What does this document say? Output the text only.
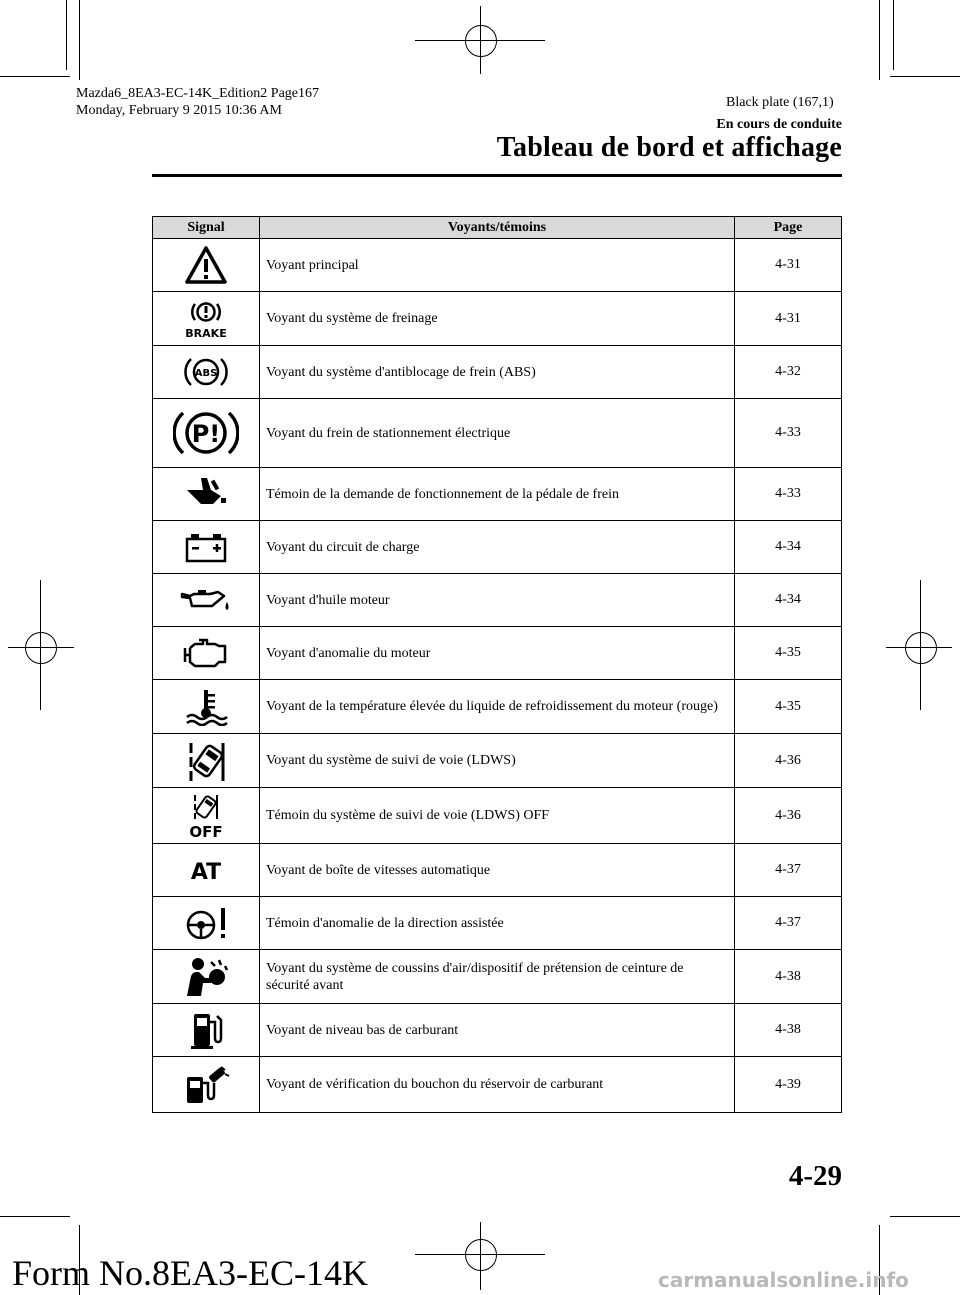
Mazda6_8EA3-EC-14K_Edition2 Page167
Monday, February 9 2015 10:36 AM
Black plate (167,1)
En cours de conduite
Tableau de bord et affichage
Signal	Voyants/témoins	Page

	Voyant principal	4-31

BRAKE	Voyant du système de freinage	4-31

ABS	Voyant du système d'antiblocage de frein (ABS)	4-32

P!	Voyant du frein de stationnement électrique	4-33

	Témoin de la demande de fonctionnement de la pédale de frein	4-33

	Voyant du circuit de charge	4-34

	Voyant d'huile moteur	4-34

	Voyant d'anomalie du moteur	4-35

	Voyant de la température élevée du liquide de refroidissement du moteur (rouge)	4-35

	Voyant du système de suivi de voie (LDWS)	4-36

OFF	Témoin du système de suivi de voie (LDWS) OFF	4-36

AT	Voyant de boîte de vitesses automatique	4-37

	Témoin d'anomalie de la direction assistée	4-37

	Voyant du système de coussins d'air/dispositif de prétension de ceinture de sécurité avant	4-38

	Voyant de niveau bas de carburant	4-38

	Voyant de vérification du bouchon du réservoir de carburant	4-39
4-29
Form No.8EA3-EC-14K	carmanualsonline.info
